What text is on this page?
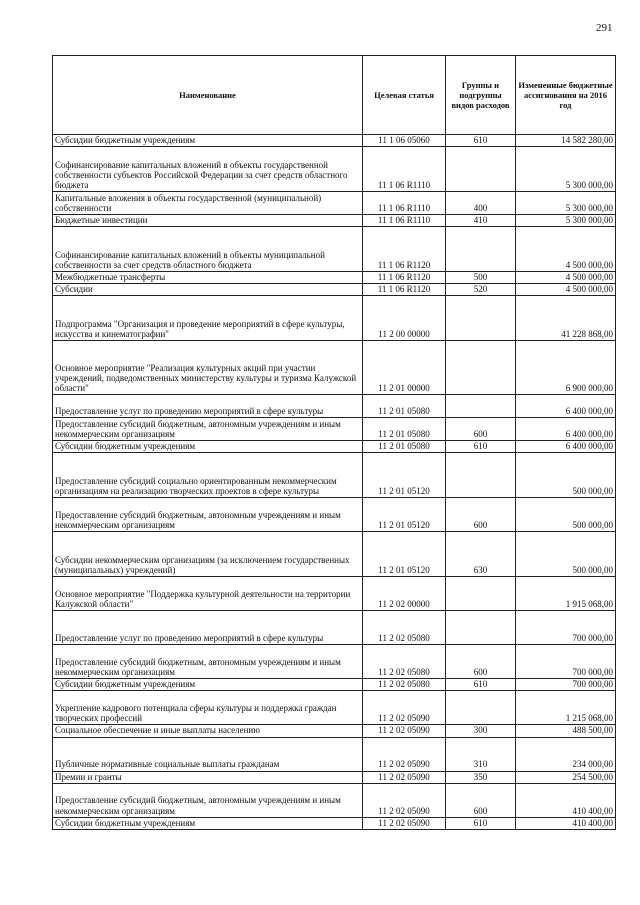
291
Наименование	Целевая статья	Группы и подгруппы видов расходов	Измененные бюджетные ассигнования на 2016 год
Субсидии бюджетным учреждениям	11 1 06 05060	610	14 582 280,00
Софинансирование капитальных вложений в объекты государственной собственности субъектов Российской Федерации за счет средств областного бюджета	11 1 06 R1110		5 300 000,00
Капитальные вложения в объекты государственной (муниципальной) собственности	11 1 06 R1110	400	5 300 000,00
Бюджетные инвестиции	11 1 06 R1110	410	5 300 000,00
Софинансирование капитальных вложений в объекты муниципальной собственности за счет средств областного бюджета	11 1 06 R1120		4 500 000,00
Межбюджетные трансферты	11 1 06 R1120	500	4 500 000,00
Субсидии	11 1 06 R1120	520	4 500 000,00
Подпрограмма "Организация и проведение мероприятий в сфере культуры, искусства и кинематографии"	11 2 00 00000		41 228 868,00
Основное мероприятие "Реализация культурных акций при участии учреждений, подведомственных министерству культуры и туризма Калужской области"	11 2 01 00000		6 900 000,00
Предоставление услуг по проведению мероприятий в сфере культуры	11 2 01 05080		6 400 000,00
Предоставление субсидий бюджетным, автономным учреждениям и иным некоммерческим организациям	11 2 01 05080	600	6 400 000,00
Субсидии бюджетным учреждениям	11 2 01 05080	610	6 400 000,00
Предоставление субсидий социально ориентированным некоммерческим организациям на реализацию творческих проектов в сфере культуры	11 2 01 05120		500 000,00
Предоставление субсидий бюджетным, автономным учреждениям и иным некоммерческим организациям	11 2 01 05120	600	500 000,00
Субсидии некоммерческим организациям (за исключением государственных (муниципальных) учреждений)	11 2 01 05120	630	500 000,00
Основное мероприятие "Поддержка культурной деятельности на территории Калужской области"	11 2 02 00000		1 915 068,00
Предоставление услуг по проведению мероприятий в сфере культуры	11 2 02 05080		700 000,00
Предоставление субсидий бюджетным, автономным учреждениям и иным некоммерческим организациям	11 2 02 05080	600	700 000,00
Субсидии бюджетным учреждениям	11 2 02 05080	610	700 000,00
Укрепление кадрового потенциала сферы культуры и поддержка граждан творческих профессий	11 2 02 05090		1 215 068,00
Социальное обеспечение и иные выплаты населению	11 2 02 05090	300	488 500,00
Публичные нормативные социальные выплаты гражданам	11 2 02 05090	310	234 000,00
Премии и гранты	11 2 02 05090	350	254 500,00
Предоставление субсидий бюджетным, автономным учреждениям и иным некоммерческим организациям	11 2 02 05090	600	410 400,00
Субсидии бюджетным учреждениям	11 2 02 05090	610	410 400,00
